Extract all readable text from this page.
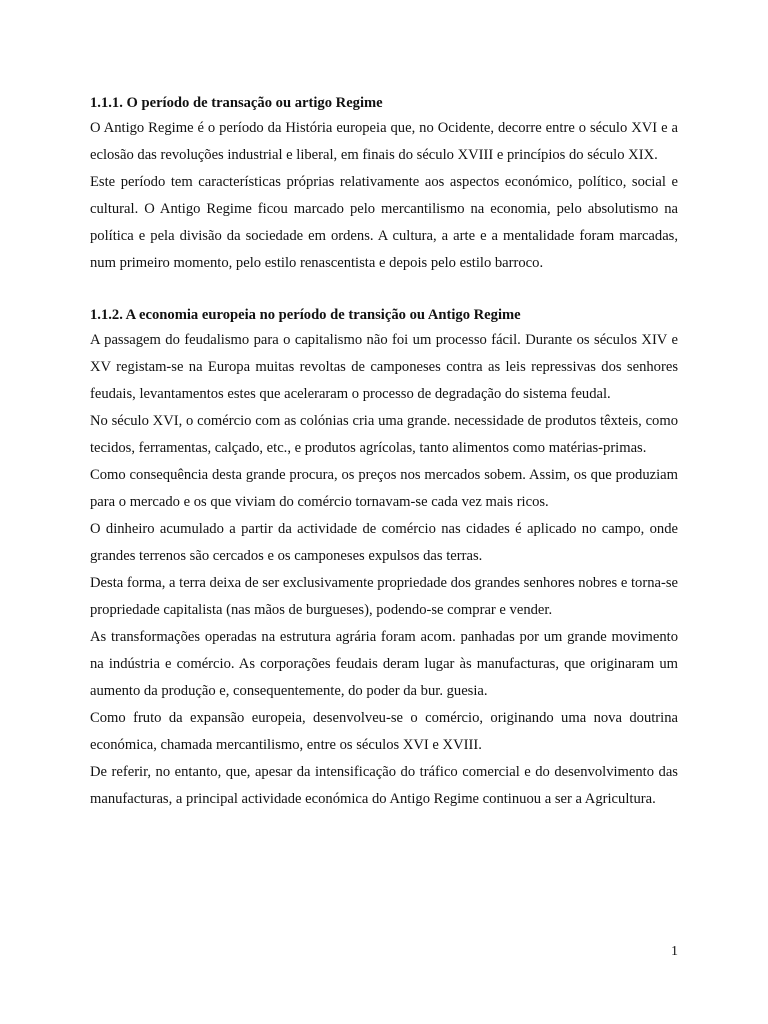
1.1.1. O período de transação ou artigo Regime

O Antigo Regime é o período da História europeia que, no Ocidente, decorre entre o século XVI e a eclosão das revoluções industrial e liberal, em finais do século XVIII e princípios do século XIX.

Este período tem características próprias relativamente aos aspectos económico, político, social e cultural. O Antigo Regime ficou marcado pelo mercantilismo na economia, pelo absolutismo na política e pela divisão da sociedade em ordens. A cultura, a arte e a mentalidade foram marcadas, num primeiro momento, pelo estilo renascentista e depois pelo estilo barroco.

1.1.2. A economia europeia no período de transição ou Antigo Regime

A passagem do feudalismo para o capitalismo não foi um processo fácil. Durante os séculos XIV e XV registam-se na Europa muitas revoltas de camponeses contra as leis repressivas dos senhores feudais, levantamentos estes que aceleraram o processo de degradação do sistema feudal.

No século XVI, o comércio com as colónias cria uma grande. necessidade de produtos têxteis, como tecidos, ferramentas, calçado, etc., e produtos agrícolas, tanto alimentos como matérias-primas.

Como consequência desta grande procura, os preços nos mercados sobem. Assim, os que produziam para o mercado e os que viviam do comércio tornavam-se cada vez mais ricos.

O dinheiro acumulado a partir da actividade de comércio nas cidades é aplicado no campo, onde grandes terrenos são cercados e os camponeses expulsos das terras.

Desta forma, a terra deixa de ser exclusivamente propriedade dos grandes senhores nobres e torna-se propriedade capitalista (nas mãos de burgueses), podendo-se comprar e vender.

As transformações operadas na estrutura agrária foram acom. panhadas por um grande movimento na indústria e comércio. As corporações feudais deram lugar às manufacturas, que originaram um aumento da produção e, consequentemente, do poder da bur. guesia.

Como fruto da expansão europeia, desenvolveu-se o comércio, originando uma nova doutrina económica, chamada mercantilismo, entre os séculos XVI e XVIII.

De referir, no entanto, que, apesar da intensificação do tráfico comercial e do desenvolvimento das manufacturas, a principal actividade económica do Antigo Regime continuou a ser a Agricultura.

1
